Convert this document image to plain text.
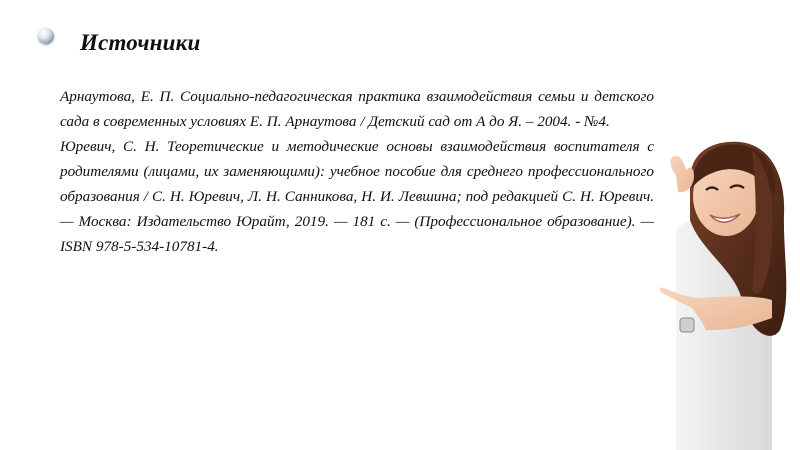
Источники
Арнаутова, Е. П. Социально-педагогическая практика взаимодействия семьи и детского сада в современных условиях Е. П. Арнаутова / Детский сад от А до Я. – 2004. - №4.
Юревич, С. Н. Теоретические и методические основы взаимодействия воспитателя с родителями (лицами, их заменяющими): учебное пособие для среднего профессионального образования / С. Н. Юревич, Л. Н. Санникова, Н. И. Левшина; под редакцией С. Н. Юревич. — Москва: Издательство Юрайт, 2019. — 181 с. — (Профессиональное образование). — ISBN 978-5-534-10781-4.
